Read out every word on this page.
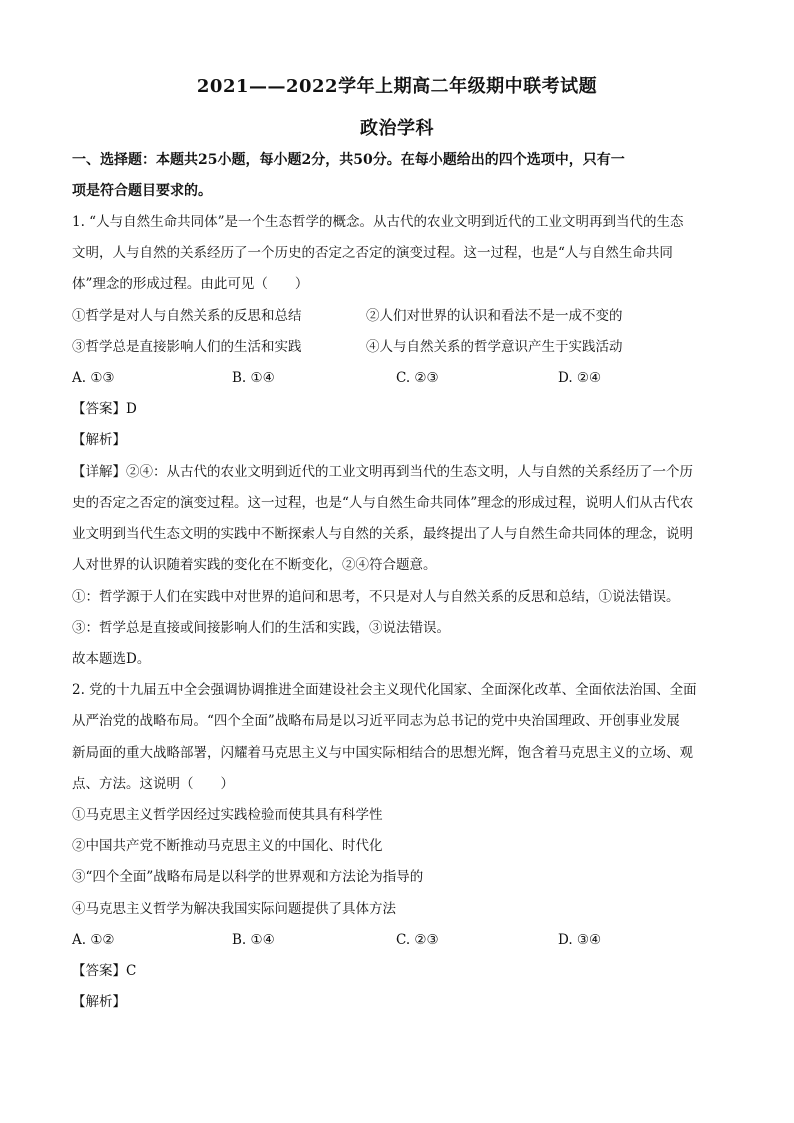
2021——2022学年上期高二年级期中联考试题
政治学科
一、选择题：本题共25小题，每小题2分，共50分。在每小题给出的四个选项中，只有一
项是符合题目要求的。
1. “人与自然生命共同体”是一个生态哲学的概念。从古代的农业文明到近代的工业文明再到当代的生态
文明，人与自然的关系经历了一个历史的否定之否定的演变过程。这一过程，也是“人与自然生命共同
体”理念的形成过程。由此可见（　　）
①哲学是对人与自然关系的反思和总结	②人们对世界的认识和看法不是一成不变的
③哲学总是直接影响人们的生活和实践	④人与自然关系的哲学意识产生于实践活动
A. ①③	B. ①④	C. ②③	D. ②④
【答案】D
【解析】
【详解】②④：从古代的农业文明到近代的工业文明再到当代的生态文明，人与自然的关系经历了一个历
史的否定之否定的演变过程。这一过程，也是“人与自然生命共同体”理念的形成过程，说明人们从古代农
业文明到当代生态文明的实践中不断探索人与自然的关系，最终提出了人与自然生命共同体的理念，说明
人对世界的认识随着实践的变化在不断变化，②④符合题意。
①：哲学源于人们在实践中对世界的追问和思考，不只是对人与自然关系的反思和总结，①说法错误。
③：哲学总是直接或间接影响人们的生活和实践，③说法错误。
故本题选D。
2. 党的十九届五中全会强调协调推进全面建设社会主义现代化国家、全面深化改革、全面依法治国、全面
从严治党的战略布局。“四个全面”战略布局是以习近平同志为总书记的党中央治国理政、开创事业发展
新局面的重大战略部署，闪耀着马克思主义与中国实际相结合的思想光辉，饱含着马克思主义的立场、观
点、方法。这说明（　　）
①马克思主义哲学因经过实践检验而使其具有科学性
②中国共产党不断推动马克思主义的中国化、时代化
③“四个全面”战略布局是以科学的世界观和方法论为指导的
④马克思主义哲学为解决我国实际问题提供了具体方法
A. ①②	B. ①④	C. ②③	D. ③④
【答案】C
【解析】
